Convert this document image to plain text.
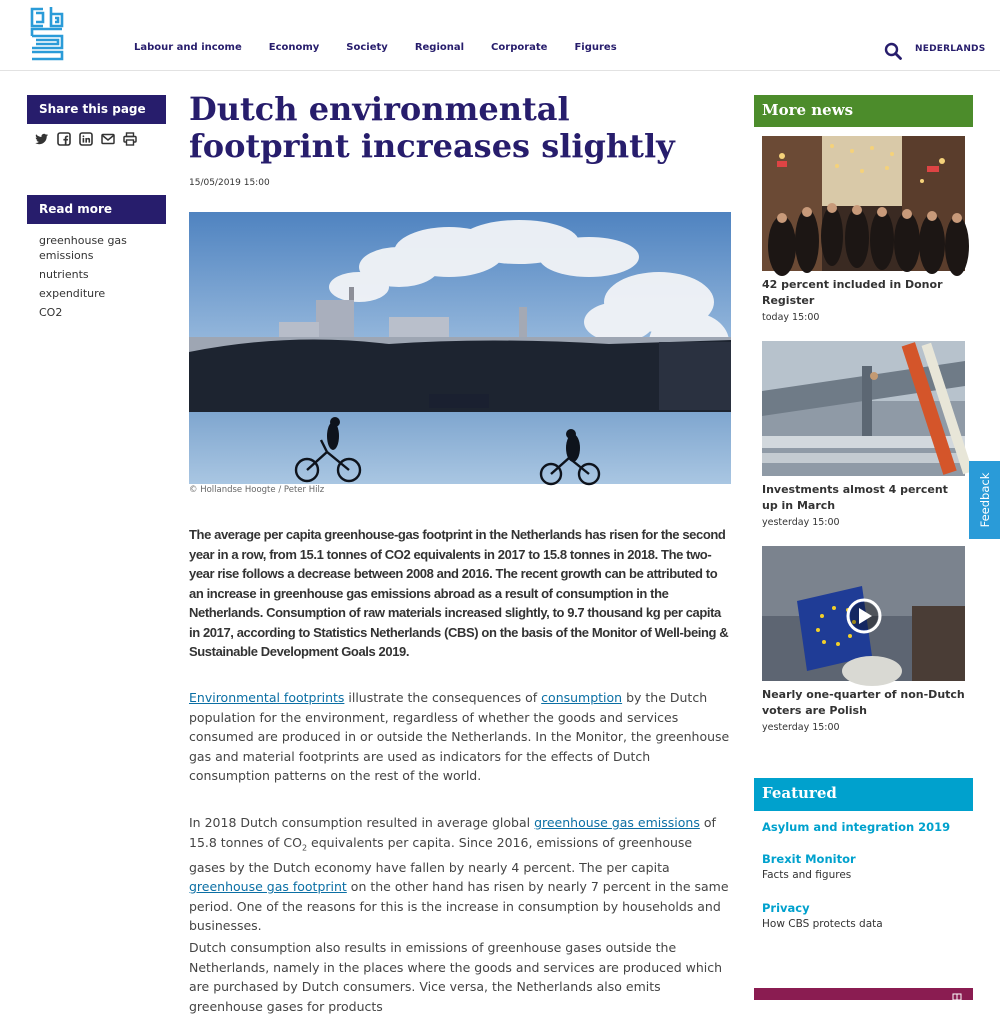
Labour and income	Economy	Society	Regional	Corporate	Figures	NEDERLANDS
Share this page
Read more
greenhouse gas emissions
nutrients
expenditure
CO2
Dutch environmental footprint increases slightly
15/05/2019 15:00
© Hollandse Hoogte / Peter Hilz

The average per capita greenhouse-gas footprint in the Netherlands has risen for the second year in a row, from 15.1 tonnes of CO2 equivalents in 2017 to 15.8 tonnes in 2018. The two-year rise follows a decrease between 2008 and 2016. The recent growth can be attributed to an increase in greenhouse gas emissions abroad as a result of consumption in the Netherlands. Consumption of raw materials increased slightly, to 9.7 thousand kg per capita in 2017, according to Statistics Netherlands (CBS) on the basis of the Monitor of Well-being & Sustainable Development Goals 2019.

Environmental footprints illustrate the consequences of consumption by the Dutch population for the environment, regardless of whether the goods and services consumed are produced in or outside the Netherlands. In the Monitor, the greenhouse gas and material footprints are used as indicators for the effects of Dutch consumption patterns on the rest of the world.

In 2018 Dutch consumption resulted in average global greenhouse gas emissions of 15.8 tonnes of $CO_2$ equivalents per capita. Since 2016, emissions of greenhouse gases by the Dutch economy have fallen by nearly 4 percent. The per capita greenhouse gas footprint on the other hand has risen by nearly 7 percent in the same period. One of the reasons for this is the increase in consumption by households and businesses.

Dutch consumption also results in emissions of greenhouse gases outside the Netherlands, namely in the places where the goods and services are produced which are purchased by Dutch consumers. Vice versa, the Netherlands also emits greenhouse gases for products

More news
42 percent included in Donor Register
today 15:00
Investments almost 4 percent up in March
yesterday 15:00
Nearly one-quarter of non-Dutch voters are Polish
yesterday 15:00
Featured
Asylum and integration 2019
Brexit Monitor
Facts and figures
Privacy
How CBS protects data
Feedback
